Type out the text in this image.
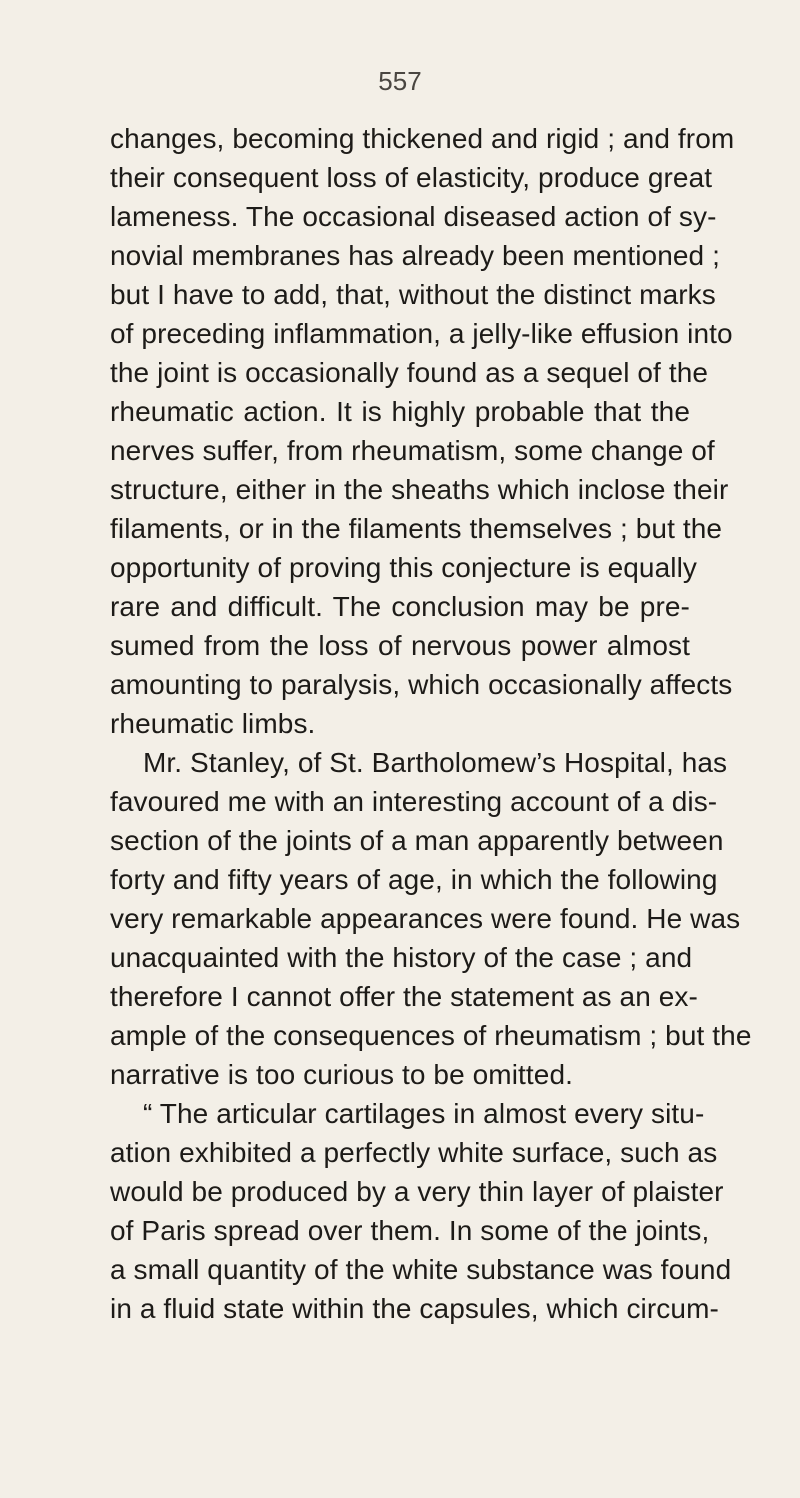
557
changes, becoming thickened and rigid ; and from
their consequent loss of elasticity, produce great
lameness. The occasional diseased action of sy-
novial membranes has already been mentioned ;
but I have to add, that, without the distinct marks
of preceding inflammation, a jelly-like effusion into
the joint is occasionally found as a sequel of the
rheumatic action. It is highly probable that the
nerves suffer, from rheumatism, some change of
structure, either in the sheaths which inclose their
filaments, or in the filaments themselves ; but the
opportunity of proving this conjecture is equally
rare and difficult. The conclusion may be pre-
sumed from the loss of nervous power almost
amounting to paralysis, which occasionally affects
rheumatic limbs.
Mr. Stanley, of St. Bartholomew’s Hospital, has
favoured me with an interesting account of a dis-
section of the joints of a man apparently between
forty and fifty years of age, in which the following
very remarkable appearances were found. He was
unacquainted with the history of the case ; and
therefore I cannot offer the statement as an ex-
ample of the consequences of rheumatism ; but the
narrative is too curious to be omitted.
“ The articular cartilages in almost every situ-
ation exhibited a perfectly white surface, such as
would be produced by a very thin layer of plaister
of Paris spread over them. In some of the joints,
a small quantity of the white substance was found
in a fluid state within the capsules, which circum-
